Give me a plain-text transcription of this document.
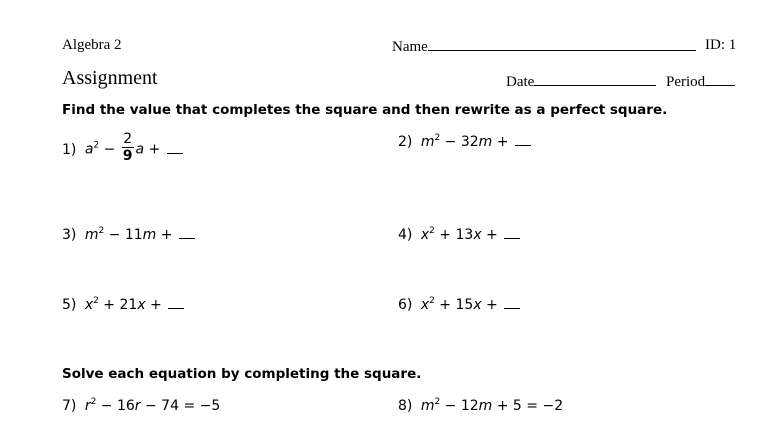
Algebra 2	Name	ID: 1
Assignment	Date	Period
Find the value that completes the square and then rewrite as a perfect square.
1) $a^2 - \frac{2}{9}$ a +	2) $m^2 - 32m$ +
3) $m^2 - 11m$ +	4) $x^2 + 13x$ +
5) $x^2 + 21x$ +	6) $x^2 + 15x$ +
Solve each equation by completing the square.
7) $r^2 - 16r - 74 = -5$	8) $m^2 - 12m + 5 = -2$
